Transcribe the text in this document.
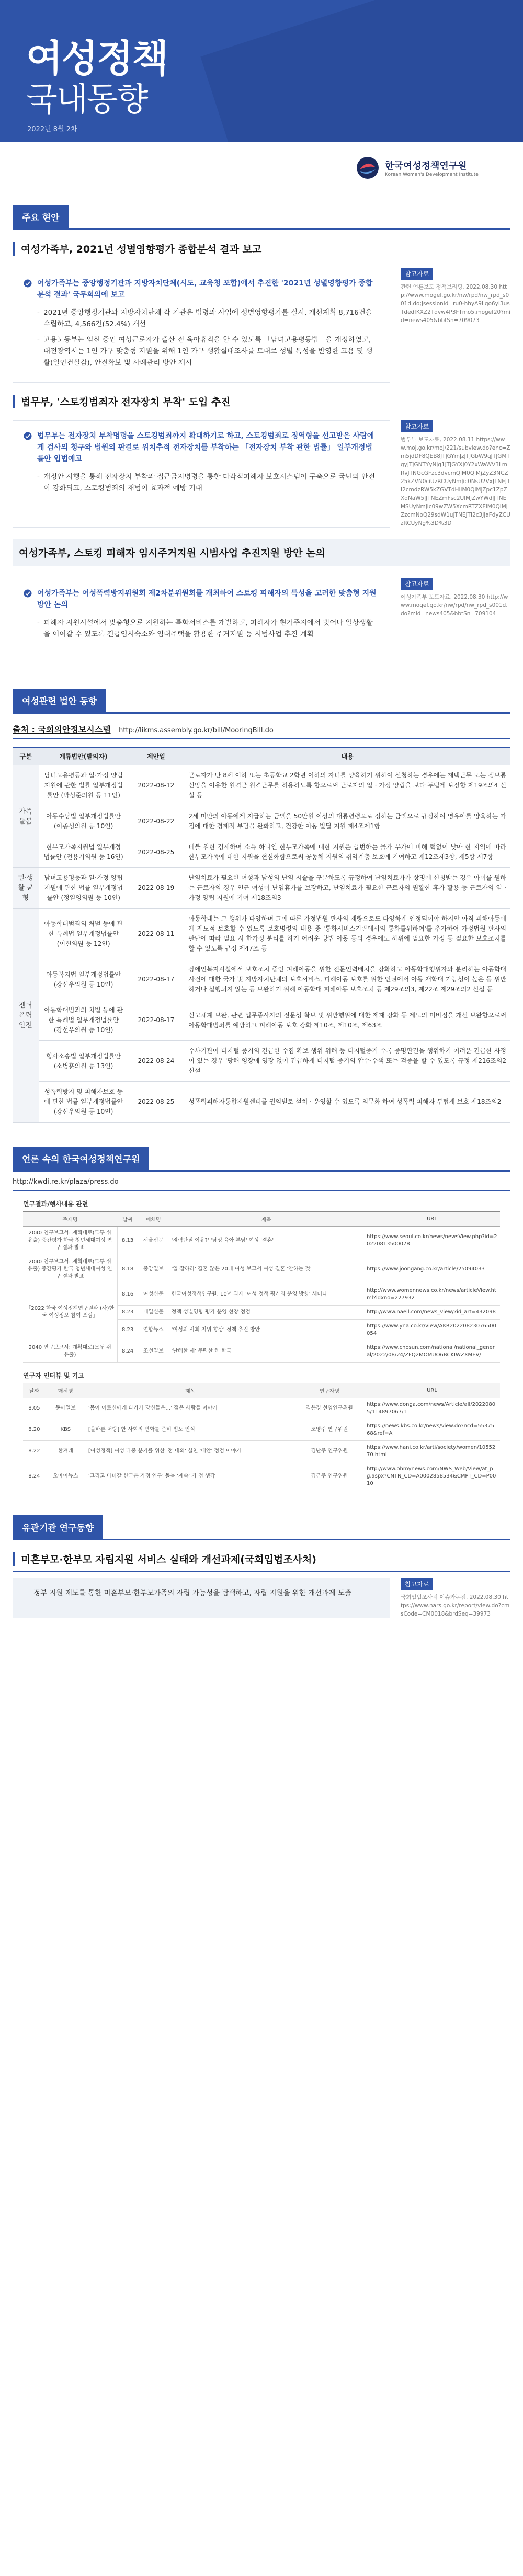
여성정책
국내동향
2022년 8월 2차
한국여성정책연구원
Korean Women's Development Institute
주요 현안
여성가족부, 2021년 성별영향평가 종합분석 결과 보고
여성가족부는 중앙행정기관과 지방자치단체(시도, 교육청 포함)에서 추진한 '2021년 성별영향평가 종합분석 결과' 국무회의에 보고
- 2021년 중앙행정기관과 지방자치단체 각 기관은 법령과 사업에 성별영향평가를 실시, 개선계획 8,716건을 수립하고, 4,566건(52.4%) 개선
- 고용노동부는 임신 중인 여성근로자가 출산 전 육아휴직을 할 수 있도록 「남녀고용평등법」을 개정하였고, 대전광역시는 1인 가구 맞춤형 지원을 위해 1인 가구 생활실태조사를 토대로 성별 특성을 반영한 고용 및 생활(일인건실감), 안전확보 및 사례관리 방안 제시
참고자료
관련 언론보도 정책브리핑, 2022.08.30 http://www.mogef.go.kr/nw/rpd/nw_rpd_s001d.do;jsessionid=ru0-hhyA9Lqo6yI3usTdedfKXZ2Tdvw4P3FTmo5.mogef20?mid=news405&bbtSn=709073
법무부, '스토킹범죄자 전자장치 부착' 도입 추진
법무부는 전자장치 부착명령을 스토킹범죄까지 확대하기로 하고, 스토킹범죄로 징역형을 선고받은 사람에게 검사의 청구와 법원의 판결로 위치추적 전자장치를 부착하는 「전자장치 부착 관한 법률」 일부개정법률안 입법예고
- 개정안 시행을 통해 전자장치 부착과 접근금지명령을 통한 다각적피해자 보호시스템이 구축으로 국민의 안전이 강화되고, 스토킹범죄의 재범이 효과적 예방 기대
참고자료
법무부 보도자료, 2022.08.11 https://www.moj.go.kr/moj/221/subview.do?enc=Zm5jdDF8QEB8JTJGYmJzJTJGbW9qJTJGMTgyJTJGNTYyNjg1JTJGYXJ0Y2xWaWV3LmRvJTNGcGFzc3dvcmQlM0QlMjZyZ3NCZ25kZVN0ciUzRCUyNmJic0NsU2VxJTNEJTI2cmdzRW5kZGVTdHIlM0QlMjZpc1ZpZXdNaW5lJTNEZmFsc2UlMjZwYWdlJTNEMSUyNmJic09wZW5XcmRTZXElM0QlMjZzcmNoQ29sdW1uJTNEJTI2c3JjaFdyZCUzRCUyNg%3D%3D
여성가족부, 스토킹 피해자 임시주거지원 시범사업 추진지원 방안 논의
여성가족부는 여성폭력방지위원회 제2차분위원회를 개최하여 스토킹 피해자의 특성을 고려한 맞춤형 지원 방안 논의
- 피해자 지원시설에서 맞춤형으로 지원하는 특화서비스를 개발하고, 피해자가 현거주지에서 벗어나 일상생활을 이어갈 수 있도록 긴급임시숙소와 임대주택을 활용한 주거지원 등 시범사업 추진 계획
참고자료
여성가족부 보도자료, 2022.08.30 http://www.mogef.go.kr/nw/rpd/nw_rpd_s001d.do?mid=news405&bbtSn=709104
여성관련 법안 동향
출처 : 국회의안정보시스템 http://likms.assembly.go.kr/bill/MooringBill.do
구분	계류법안(발의자)	제안일	내용
가족 돌봄	남녀고용평등과 일·가정 양립 지원에 관한 법률 일부개정법률안 (박성준의원 등 11인)	2022-08-12	근로자가 만 8세 이하 또는 초등학교 2학년 이하의 자녀를 양육하기 위하여 신청하는 경우에는 재택근무 또는 정보통신망을 이용한 원격근 원격근무를 허용하도록 함으로써 근로자의 일 · 가정 양립을 보다 두텁게 보장함 제19조의4 신설 등
	아동수당법 일부개정법률안 (이종성의원 등 10인)	2022-08-22	2세 미만의 아동에게 지급하는 금액을 50만원 이상의 대통령령으로 정하는 금액으로 규정하여 영유아를 양육하는 가정에 대한 경제적 부담을 완화하고, 건강한 아동 발달 지원 제4조제1항
	한부모가족지원법 일부개정법률안 (전용기의원 등 16인)	2022-08-25	테블 위한 경제하여 소득 하나인 한부모가족에 대한 지원은 급번하는 물가 무가에 비해 턱없이 낮아 한 지역에 따라 한부모가족에 대한 지원을 현실화함으로써 공동체 지원의 취약계층 보호에 기여하고 제12조제3항, 제5항 제7항
일·생활 균형	남녀고용평등과 일·가정 양립 지원에 관한 법률 일부개정법률안 (정일영의원 등 10인)	2022-08-19	난임치료가 필요한 여성과 남성의 난임 시술을 구분하도록 규정하여 난임치료가가 상명에 신청받는 경우 아이를 원하는 근로자의 경우 인근 여성이 난임휴가를 보장하고, 난임치료가 필요한 근로자의 원활한 휴가 활용 등 근로자의 일 · 가정 양립 지원에 기여 제18조의3
젠더 폭력 안전	아동학대범죄의 처벌 등에 관한 특례법 일부개정법률안 (이헌의원 등 12인)	2022-08-11	아동학대는 그 행위가 다양하며 그에 따른 가정법원 판사의 재량으로도 다양하게 인정되어야 하지만 아직 피해아동에게 제도적 보호할 수 있도록 보호명령의 내용 중 '통화서비스기관에서의 통화를위하여'를 추가하여 가정법원 판사의 판단에 따라 필요 시 한가정 분리를 하기 어려운 방법 아동 등의 경우에도 하위에 필요한 가정 등 필요한 보호조치를 할 수 있도록 규정 제47조 등
	아동복지법 일부개정법률안 (강선우의원 등 10인)	2022-08-17	장애인복지시설에서 보호조치 중인 피해아동을 위한 전문인력배치을 강화하고 아동학대행위자와 분리하는 아동학대 사건에 대한 국가 및 지방자치단체의 보호서비스, 피해아동 보호를 위한 인권에서 아동 재학대 가능성이 높은 등 위반하거나 실행되지 않는 등 보완하기 위해 아동학대 피해아동 보호조치 등 제29조의3, 제22조 제29조의2 신설 등
	아동학대범죄의 처벌 등에 관한 특례법 일부개정법률안 (강선우의원 등 10인)	2022-08-17	신고체계 보완, 관련 업무종사자의 전문성 확보 및 위반행위에 대한 제재 강화 등 제도의 미비점을 개선 보완함으로써 아동학대범죄를 예방하고 피해아동 보호 강화 제10조, 제10조, 제63조
	형사소송법 일부개정법률안 (소병훈의원 등 13인)	2022-08-24	수사기관이 디지털 증거의 긴급한 수집 확보 행위 위해 등 디지털증거 수록 증명판결을 행위하기 어려운 긴급한 사정이 있는 경우 '당해 영장에 영장 없이 긴급하게 디지털 증거의 압수·수색 또는 검증을 할 수 있도록 규정 제216조의2 신설
	성폭력방지 및 피해자보호 등에 관한 법률 일부개정법률안 (강선우의원 등 10인)	2022-08-25	성폭력피해자통합지원센터를 권역별로 설치 · 운영할 수 있도록 의무화 하여 성폭력 피해자 두텁게 보호 제18조의2
언론 속의 한국여성정책연구원
http://kwdi.re.kr/plaza/press.do
연구결과/행사내용 관련
주제명	날짜	매체명	제목	URL
2040 연구보고서: 계획대로(모두 쉬 유출) 중간평가 한국 청년세대여성 연구 결과 발표	8.13	서울신문	'경력단절 이유?' '남성 육아 부담' 여성 '결혼'	https://www.seoul.co.kr/news/newsView.php?id=20220813500078
2040 연구보고서: 계획대로(모두 쉬 유출) 중간평가 한국 청년세대여성 연구 결과 발표	8.18	중앙일보	'일 잘하라' 결혼 않은 20대 여성 보고서 여성 결혼 '안하는 것'	https://www.joongang.co.kr/article/25094033
「2022 한국 여성정책연구원과 (사)한국 여성정보 참여 포럼」	8.16	여성신문	한국여성정책연구원, 10년 과제 '여성 정책 평가와 운영 방향' 세미나	http://www.womennews.co.kr/news/articleView.html?idxno=227932
	8.23	내일신문	정책 성별영향 평가 운영 현장 점검	http://www.naeil.com/news_view/?id_art=432098
	8.23	연합뉴스	'여성의 사회 지위 향상' 정책 추진 방안	https://www.yna.co.kr/view/AKR20220823076500054
2040 연구보고서: 계획대로(모두 쉬 유출)	8.24	조선일보	'난해한 세' 무력한 해 한국	https://www.chosun.com/national/national_general/2022/08/24/ZFQ2MOMUO6BCKIWZXMEV/
연구자 인터뷰 및 기고
날짜	매체명	제목	연구자명	URL
8.05	동아일보	'몸이 어르신에게 다가가 당신들은…' 젊은 사람들 이야기	김은경 선임연구위원	https://www.donga.com/news/Article/all/20220805/114897067/1
8.20	KBS	[올바른 처방] 한 사회의 변화를 준비 법도 인식	조영주 연구위원	https://news.kbs.co.kr/news/view.do?ncd=5537568&ref=A
8.22	한겨레	[여성정책] 여성 다중 분기를 위한 '점 내외' 실천 '대안' 점검 이야기	김난주 연구위원	https://www.hani.co.kr/arti/society/women/1055270.html
8.24	오마이뉴스	'그리고 다녀갈 한국은 가정 연구' 돌봄 '계속' 가 점 생각	김근주 연구위원	http://www.ohmynews.com/NWS_Web/View/at_pg.aspx?CNTN_CD=A0002858534&CMPT_CD=P0010
유관기관 연구동향
미혼부모·한부모 자립지원 서비스 실태와 개선과제(국회입법조사처)
- 정부 지원 제도를 통한 미혼부모·한부모가족의 자립 가능성을 탐색하고, 자립 지원을 위한 개선과제 도출
참고자료
국회입법조사처 이슈와논점, 2022.08.30 https://www.nars.go.kr/report/view.do?cmsCode=CM0018&brdSeq=39973
